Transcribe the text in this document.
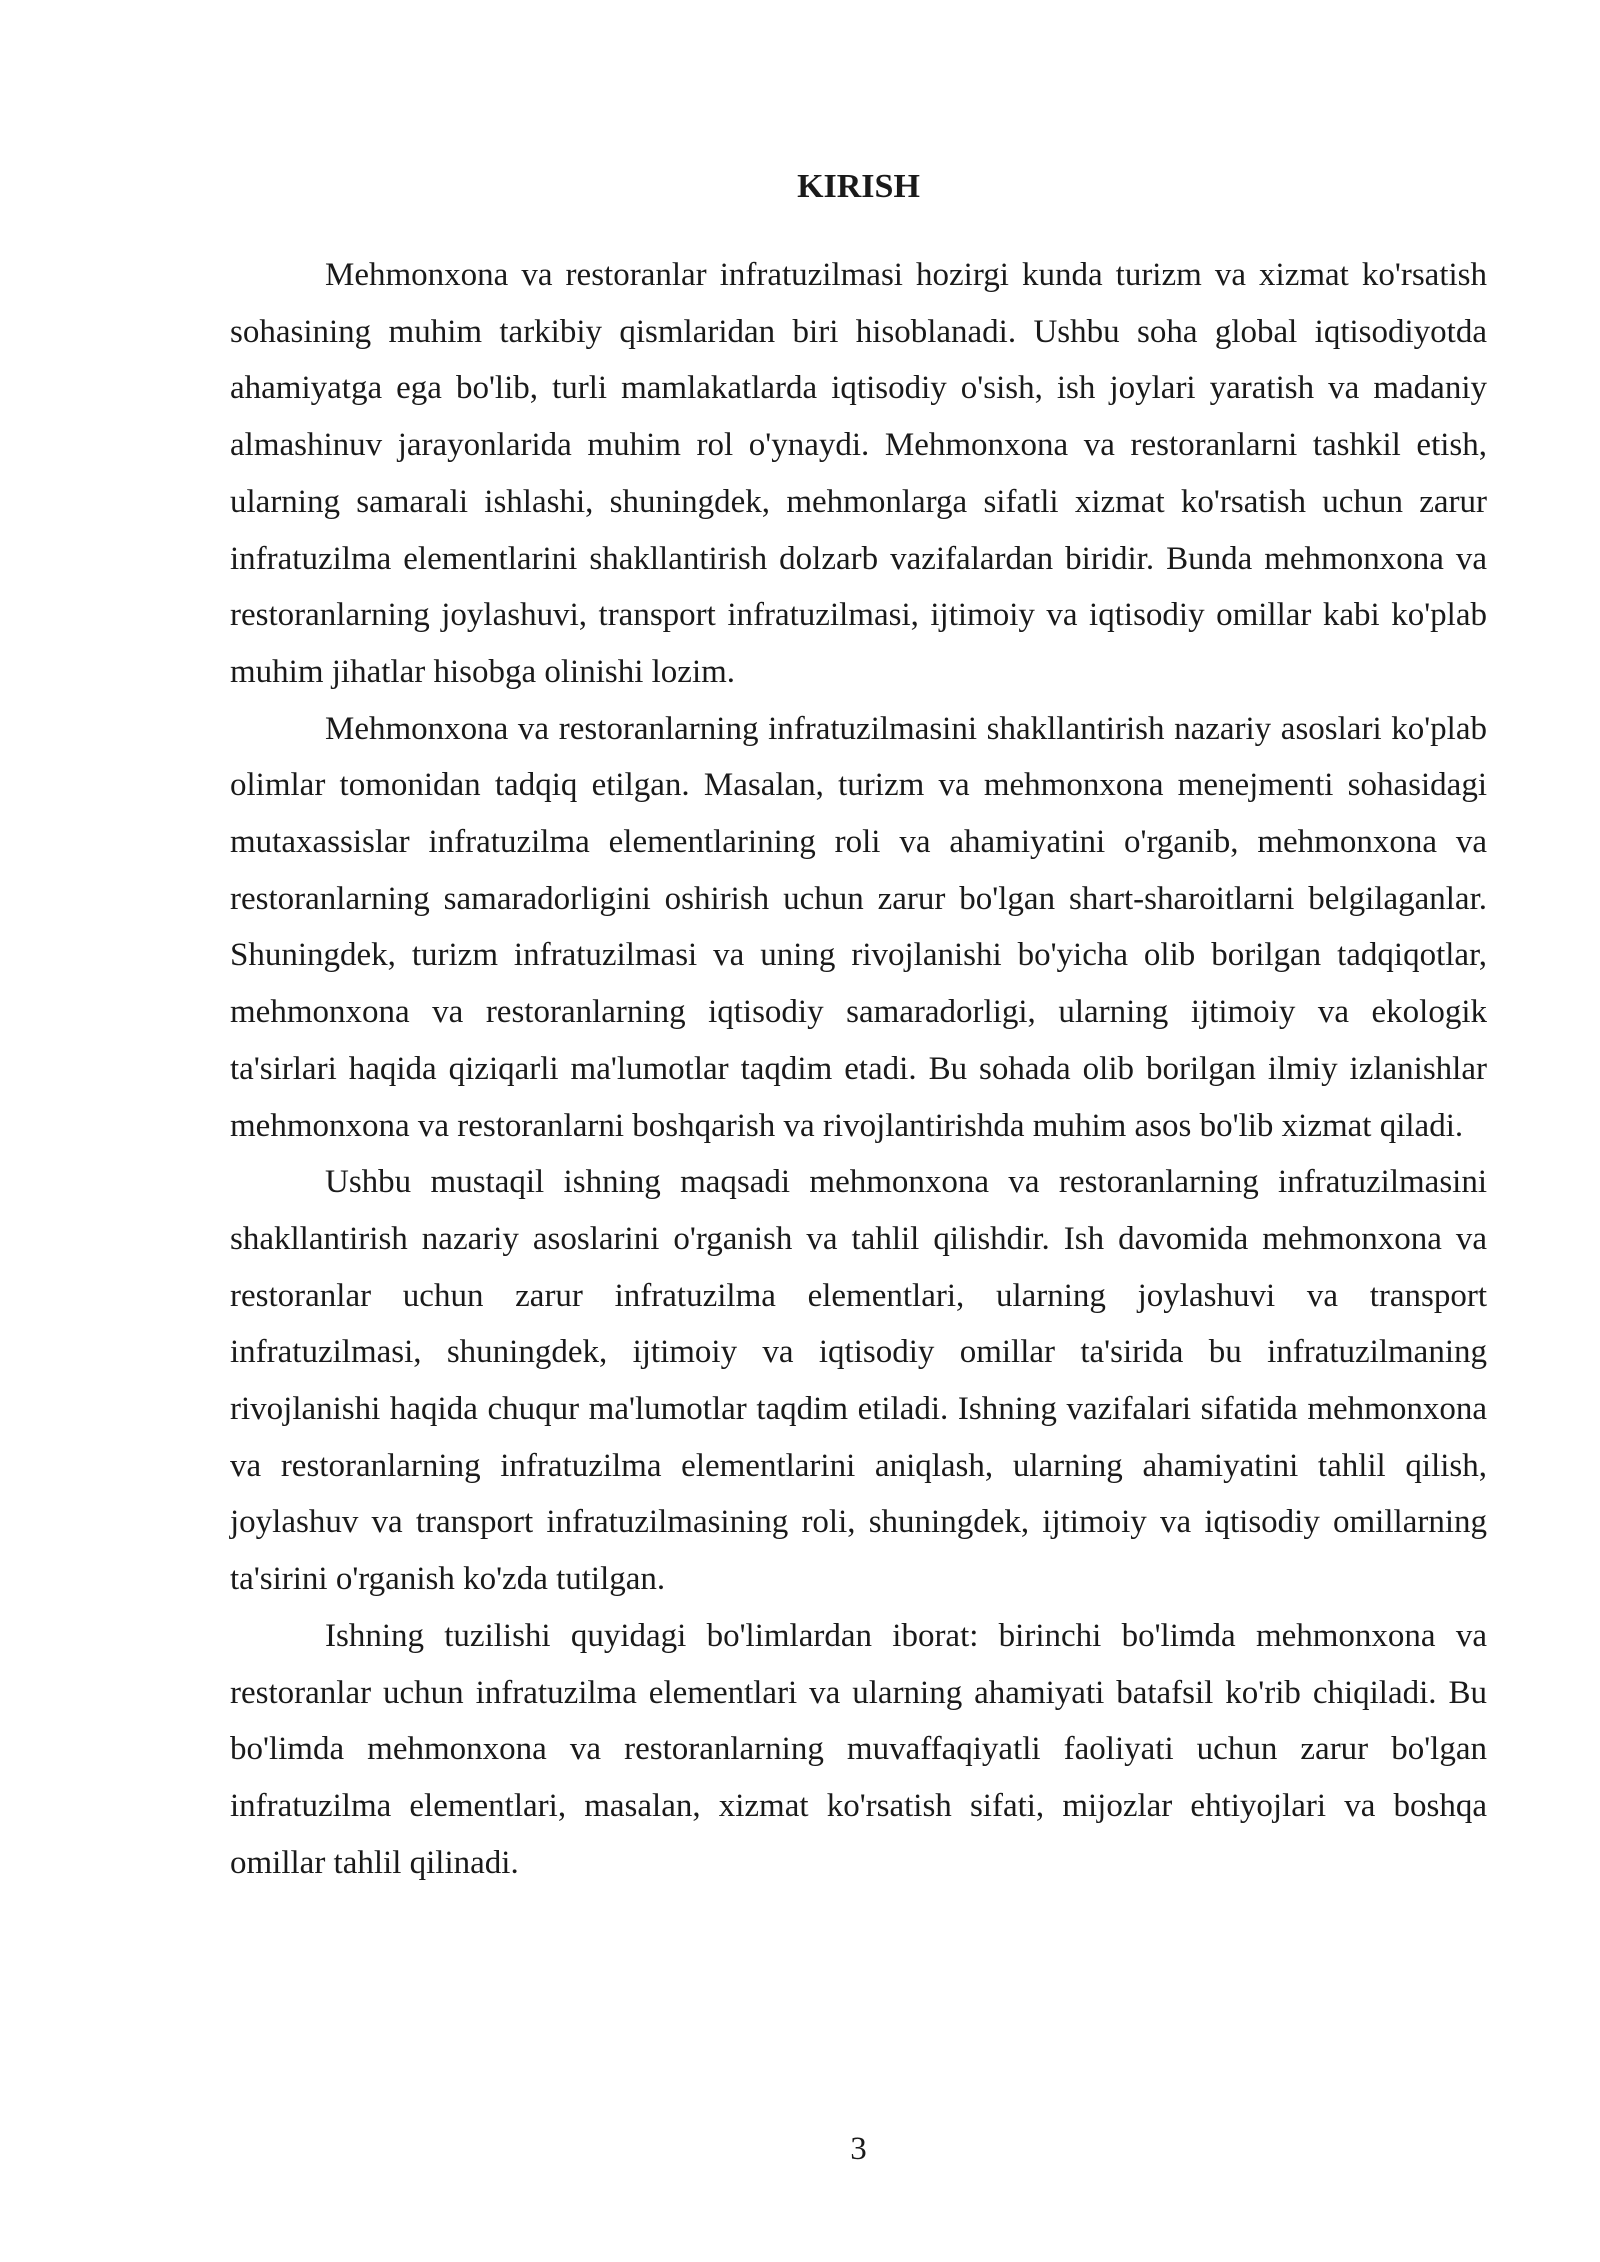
KIRISH

Mehmonxona va restoranlar infratuzilmasi hozirgi kunda turizm va xizmat ko'rsatish sohasining muhim tarkibiy qismlaridan biri hisoblanadi. Ushbu soha global iqtisodiyotda ahamiyatga ega bo'lib, turli mamlakatlarda iqtisodiy o'sish, ish joylari yaratish va madaniy almashinuv jarayonlarida muhim rol o'ynaydi. Mehmonxona va restoranlarni tashkil etish, ularning samarali ishlashi, shuningdek, mehmonlarga sifatli xizmat ko'rsatish uchun zarur infratuzilma elementlarini shakllantirish dolzarb vazifalardan biridir. Bunda mehmonxona va restoranlarning joylashuvi, transport infratuzilmasi, ijtimoiy va iqtisodiy omillar kabi ko'plab muhim jihatlar hisobga olinishi lozim.

Mehmonxona va restoranlarning infratuzilmasini shakllantirish nazariy asoslari ko'plab olimlar tomonidan tadqiq etilgan. Masalan, turizm va mehmonxona menejmenti sohasidagi mutaxassislar infratuzilma elementlarining roli va ahamiyatini o'rganib, mehmonxona va restoranlarning samaradorligini oshirish uchun zarur bo'lgan shart-sharoitlarni belgilaganlar. Shuningdek, turizm infratuzilmasi va uning rivojlanishi bo'yicha olib borilgan tadqiqotlar, mehmonxona va restoranlarning iqtisodiy samaradorligi, ularning ijtimoiy va ekologik ta'sirlari haqida qiziqarli ma'lumotlar taqdim etadi. Bu sohada olib borilgan ilmiy izlanishlar mehmonxona va restoranlarni boshqarish va rivojlantirishda muhim asos bo'lib xizmat qiladi.

Ushbu mustaqil ishning maqsadi mehmonxona va restoranlarning infratuzilmasini shakllantirish nazariy asoslarini o'rganish va tahlil qilishdir. Ish davomida mehmonxona va restoranlar uchun zarur infratuzilma elementlari, ularning joylashuvi va transport infratuzilmasi, shuningdek, ijtimoiy va iqtisodiy omillar ta'sirida bu infratuzilmaning rivojlanishi haqida chuqur ma'lumotlar taqdim etiladi. Ishning vazifalari sifatida mehmonxona va restoranlarning infratuzilma elementlarini aniqlash, ularning ahamiyatini tahlil qilish, joylashuv va transport infratuzilmasining roli, shuningdek, ijtimoiy va iqtisodiy omillarning ta'sirini o'rganish ko'zda tutilgan.

Ishning tuzilishi quyidagi bo'limlardan iborat: birinchi bo'limda mehmonxona va restoranlar uchun infratuzilma elementlari va ularning ahamiyati batafsil ko'rib chiqiladi. Bu bo'limda mehmonxona va restoranlarning muvaffaqiyatli faoliyati uchun zarur bo'lgan infratuzilma elementlari, masalan, xizmat ko'rsatish sifati, mijozlar ehtiyojlari va boshqa omillar tahlil qilinadi.

3
